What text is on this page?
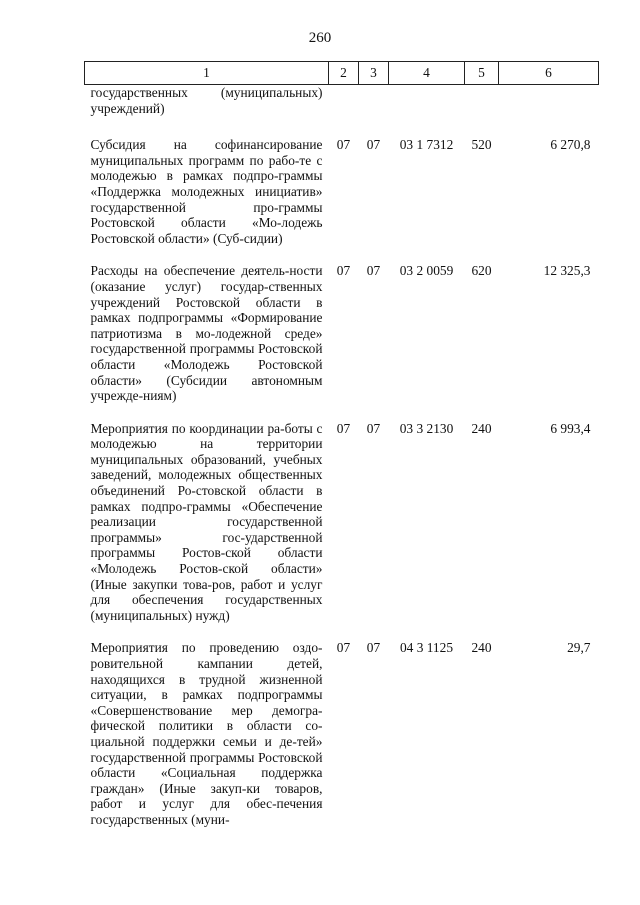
260
1	2	3	4	5	6
государственных (муниципальных) учреждений)					
Субсидия на софинансирование муниципальных программ по рабо-те с молодежью в рамках подпро-граммы «Поддержка молодежных инициатив» государственной про-граммы Ростовской области «Мо-лодежь Ростовской области» (Суб-сидии)	07	07	03 1 7312	520	6 270,8
Расходы на обеспечение деятель-ности (оказание услуг) государ-ственных учреждений Ростовской области в рамках подпрограммы «Формирование патриотизма в мо-лодежной среде» государственной программы Ростовской области «Молодежь Ростовской области» (Субсидии автономным учрежде-ниям)	07	07	03 2 0059	620	12 325,3
Мероприятия по координации ра-боты с молодежью на территории муниципальных образований, учебных заведений, молодежных общественных объединений Ро-стовской области в рамках подпро-граммы «Обеспечение реализации государственной программы» гос-ударственной программы Ростов-ской области «Молодежь Ростов-ской области» (Иные закупки това-ров, работ и услуг для обеспечения государственных (муниципальных) нужд)	07	07	03 3 2130	240	6 993,4
Мероприятия по проведению оздо-ровительной кампании детей, находящихся в трудной жизненной ситуации, в рамках подпрограммы «Совершенствование мер демогра-фической политики в области со-циальной поддержки семьи и де-тей» государственной программы Ростовской области «Социальная поддержка граждан» (Иные закуп-ки товаров, работ и услуг для обес-печения государственных (муни-	07	07	04 3 1125	240	29,7
